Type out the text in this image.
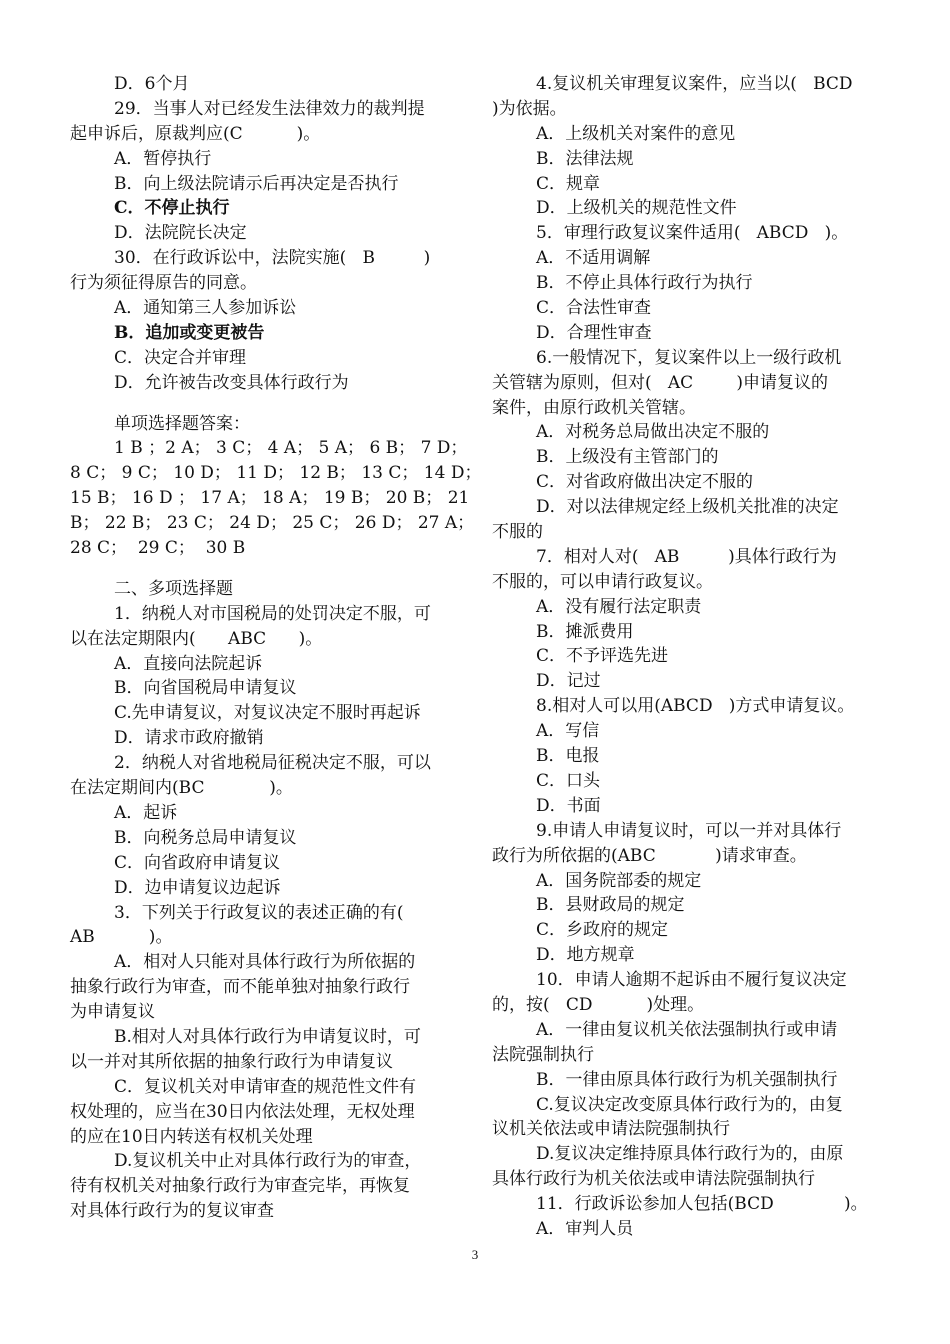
D．6个月
29．当事人对已经发生法律效力的裁判提
起申诉后，原裁判应(C          )。
A．暂停执行
B．向上级法院请示后再决定是否执行
C．不停止执行
D．法院院长决定
30．在行政诉讼中，法院实施(   B         )
行为须征得原告的同意。
A．通知第三人参加诉讼
B．追加或变更被告
C．决定合并审理
D．允许被告改变具体行政行为
单项选择题答案：
1 B ；2 A； 3 C； 4 A； 5 A； 6 B； 7 D；
8 C； 9 C； 10 D； 11 D； 12 B； 13 C； 14 D；
15 B； 16 D ； 17 A； 18 A； 19 B； 20 B； 21
B； 22 B； 23 C； 24 D； 25 C； 26 D； 27 A；
28 C；  29 C；  30 B
二、多项选择题
1．纳税人对市国税局的处罚决定不服，可
以在法定期限内(      ABC      )。
A．直接向法院起诉
B．向省国税局申请复议
C.先申请复议，对复议决定不服时再起诉
D．请求市政府撤销
2．纳税人对省地税局征税决定不服，可以
在法定期间内(BC            )。
A．起诉
B．向税务总局申请复议
C．向省政府申请复议
D．边申请复议边起诉
3．下列关于行政复议的表述正确的有(
AB          )。
A．相对人只能对具体行政行为所依据的
抽象行政行为审查，而不能单独对抽象行政行
为申请复议
B.相对人对具体行政行为申请复议时，可
以一并对其所依据的抽象行政行为申请复议
C．复议机关对申请审查的规范性文件有
权处理的，应当在30日内依法处理，无权处理
的应在10日内转送有权机关处理
D.复议机关中止对具体行政行为的审查，
待有权机关对抽象行政行为审查完毕，再恢复
对具体行政行为的复议审查
4.复议机关审理复议案件，应当以(   BCD
)为依据。
A．上级机关对案件的意见
B．法律法规
C．规章
D．上级机关的规范性文件
5．审理行政复议案件适用(   ABCD   )。
A．不适用调解
B．不停止具体行政行为执行
C．合法性审查
D．合理性审查
6.一般情况下，复议案件以上一级行政机
关管辖为原则，但对(   AC        )申请复议的
案件，由原行政机关管辖。
A．对税务总局做出决定不服的
B．上级没有主管部门的
C．对省政府做出决定不服的
D．对以法律规定经上级机关批准的决定
不服的
7．相对人对(   AB         )具体行政行为
不服的，可以申请行政复议。
A．没有履行法定职责
B．摊派费用
C．不予评选先进
D．记过
8.相对人可以用(ABCD   )方式申请复议。
A．写信
B．电报
C．口头
D．书面
9.申请人申请复议时，可以一并对具体行
政行为所依据的(ABC           )请求审查。
A．国务院部委的规定
B．县财政局的规定
C．乡政府的规定
D．地方规章
10．申请人逾期不起诉由不履行复议决定
的，按(   CD          )处理。
A．一律由复议机关依法强制执行或申请
法院强制执行
B．一律由原具体行政行为机关强制执行
C.复议决定改变原具体行政行为的，由复
议机关依法或申请法院强制执行
D.复议决定维持原具体行政行为的，由原
具体行政行为机关依法或申请法院强制执行
11．行政诉讼参加人包括(BCD             )。
A．审判人员
3
